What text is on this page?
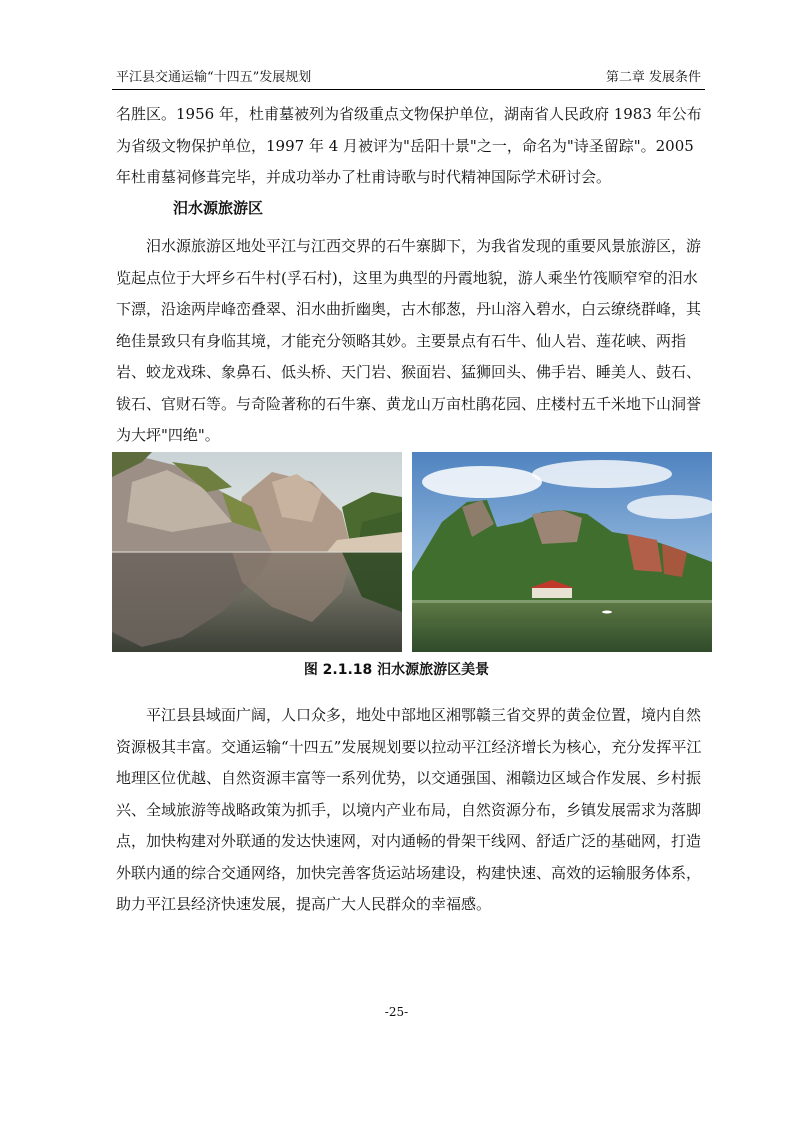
平江县交通运输“十四五”发展规划	第二章 发展条件

名胜区。1956 年，杜甫墓被列为省级重点文物保护单位，湖南省人民政府 1983 年公布为省级文物保护单位，1997 年 4 月被评为"岳阳十景"之一，命名为"诗圣留踪"。2005 年杜甫墓祠修葺完毕，并成功举办了杜甫诗歌与时代精神国际学术研讨会。

汨水源旅游区

汨水源旅游区地处平江与江西交界的石牛寨脚下，为我省发现的重要风景旅游区，游览起点位于大坪乡石牛村(孚石村)，这里为典型的丹霞地貌，游人乘坐竹筏顺窄窄的汨水下漂，沿途两岸峰峦叠翠、汨水曲折幽奥，古木郁葱，丹山溶入碧水，白云缭绕群峰，其绝佳景致只有身临其境，才能充分领略其妙。主要景点有石牛、仙人岩、莲花峡、两指岩、蛟龙戏珠、象鼻石、低头桥、天门岩、猴面岩、猛狮回头、佛手岩、睡美人、鼓石、钹石、官财石等。与奇险著称的石牛寨、黄龙山万亩杜鹃花园、庄楼村五千米地下山洞誉为大坪"四绝"。

图 2.1.18 汨水源旅游区美景

平江县县域面广阔，人口众多，地处中部地区湘鄂赣三省交界的黄金位置，境内自然资源极其丰富。交通运输“十四五”发展规划要以拉动平江经济增长为核心，充分发挥平江地理区位优越、自然资源丰富等一系列优势，以交通强国、湘赣边区域合作发展、乡村振兴、全域旅游等战略政策为抓手，以境内产业布局，自然资源分布，乡镇发展需求为落脚点，加快构建对外联通的发达快速网，对内通畅的骨架干线网、舒适广泛的基础网，打造外联内通的综合交通网络，加快完善客货运站场建设，构建快速、高效的运输服务体系，助力平江县经济快速发展，提高广大人民群众的幸福感。

-25-
